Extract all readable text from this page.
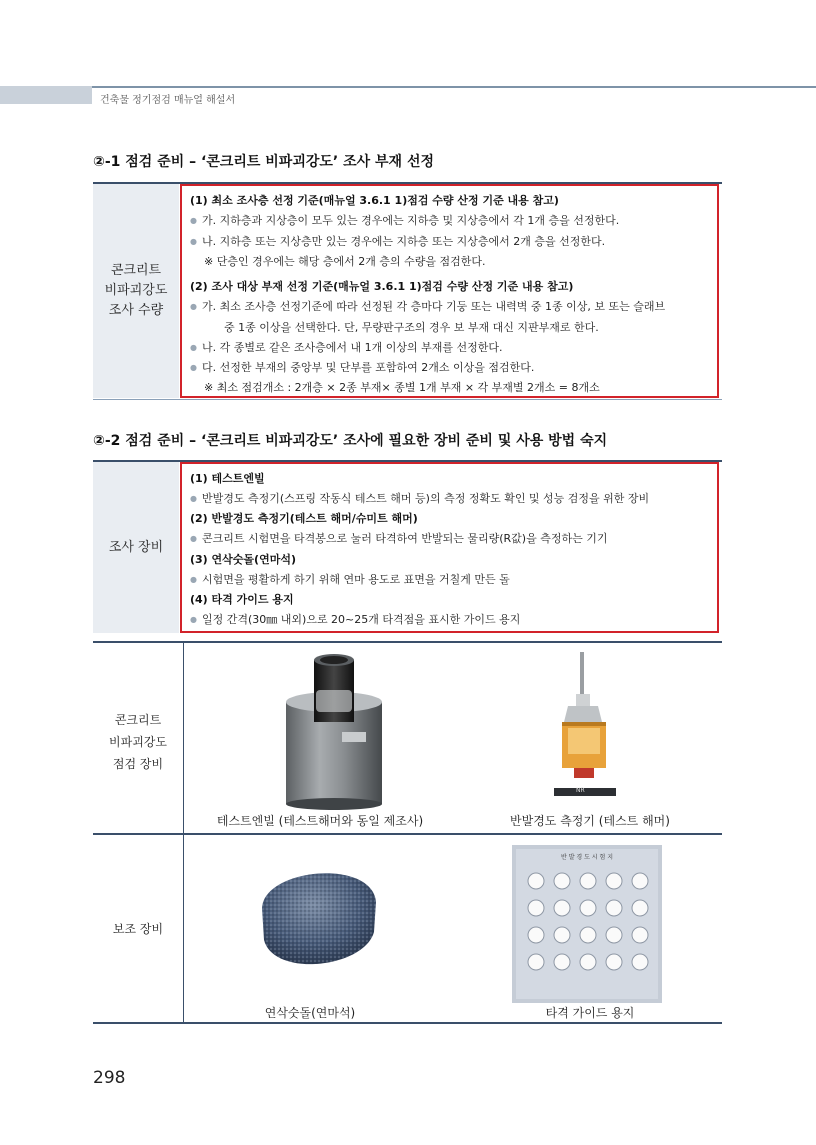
건축물 정기점검 매뉴얼 해설서
②-1 점검 준비 – ‘콘크리트 비파괴강도’ 조사 부재 선정
콘크리트
비파괴강도
조사 수량
(1) 최소 조사층 선정 기준(매뉴얼 3.6.1 1)점검 수량 산정 기준 내용 참고)
● 가. 지하층과 지상층이 모두 있는 경우에는 지하층 및 지상층에서 각 1개 층을 선정한다.
● 나. 지하층 또는 지상층만 있는 경우에는 지하층 또는 지상층에서 2개 층을 선정한다.
※ 단층인 경우에는 해당 층에서 2개 층의 수량을 점검한다.
(2) 조사 대상 부재 선정 기준(매뉴얼 3.6.1 1)점검 수량 산정 기준 내용 참고)
● 가. 최소 조사층 선정기준에 따라 선정된 각 층마다 기둥 또는 내력벽 중 1종 이상, 보 또는 슬래브
중 1종 이상을 선택한다. 단, 무량판구조의 경우 보 부재 대신 지판부재로 한다.
● 나. 각 종별로 같은 조사층에서 내 1개 이상의 부재를 선정한다.
● 다. 선정한 부재의 중앙부 및 단부를 포함하여 2개소 이상을 점검한다.
※ 최소 점검개소 : 2개층 × 2종 부재× 종별 1개 부재 × 각 부재별 2개소 = 8개소
②-2 점검 준비 – ‘콘크리트 비파괴강도’ 조사에 필요한 장비 준비 및 사용 방법 숙지
조사 장비
(1) 테스트엔빌
● 반발경도 측정기(스프링 작동식 테스트 해머 등)의 측정 정확도 확인 및 성능 검정을 위한 장비
(2) 반발경도 측정기(테스트 해머/슈미트 해머)
● 콘크리트 시험면을 타격봉으로 눌러 타격하여 반발되는 물리량(R값)을 측정하는 기기
(3) 연삭숫돌(연마석)
● 시험면을 평활하게 하기 위해 연마 용도로 표면을 거칠게 만든 돌
(4) 타격 가이드 용지
● 일정 간격(30㎜ 내외)으로 20~25개 타격점을 표시한 가이드 용지
콘크리트
비파괴강도
점검 장비
NR
테스트엔빌 (테스트해머와 동일 제조사)	반발경도 측정기 (테스트 해머)
보조 장비
반 발 경 도 시 험 지
연삭숫돌(연마석)	타격 가이드 용지
298
